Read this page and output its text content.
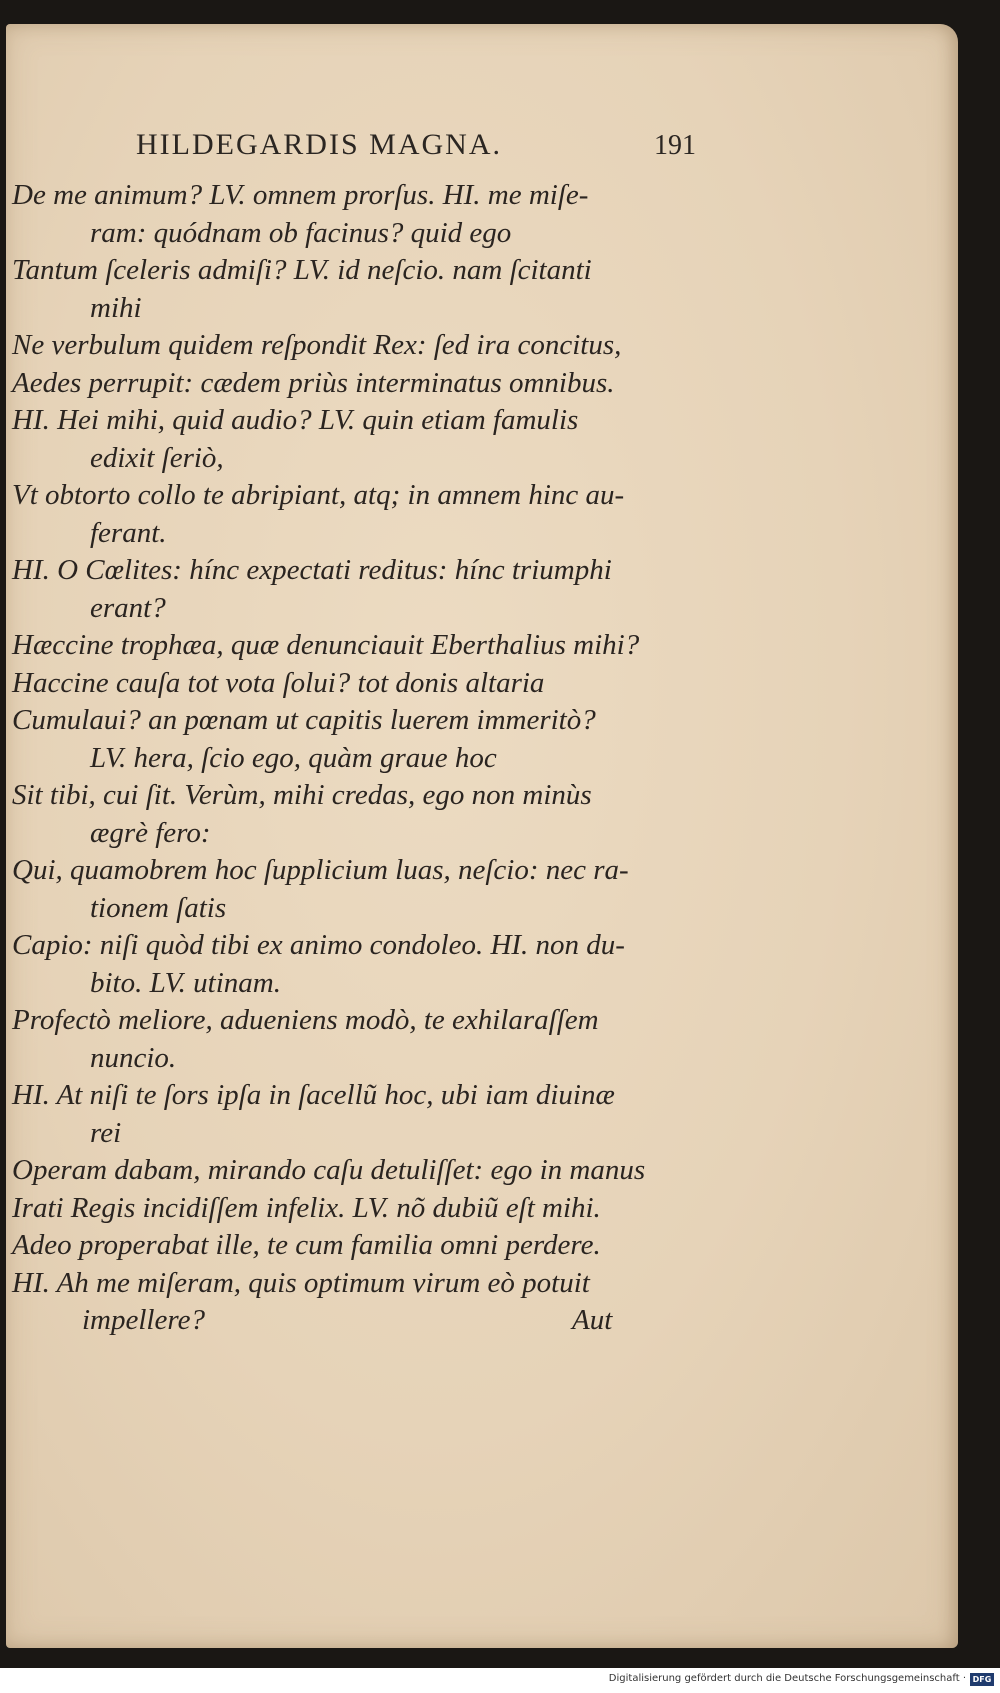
HILDEGARDIS MAGNA.	191
De me animum? LV. omnem prorſus. HI. me miſe-
ram: quódnam ob facinus? quid ego
Tantum ſceleris admiſi? LV. id neſcio. nam ſcitanti
mihi
Ne verbulum quidem reſpondit Rex: ſed ira concitus,
Aedes perrupit: cædem priùs interminatus omnibus.
HI. Hei mihi, quid audio? LV. quin etiam famulis
edixit ſeriò,
Vt obtorto collo te abripiant, atq; in amnem hinc au-
ferant.
HI. O Cœlites: hínc expectati reditus: hínc triumphi
erant?
Hæccine trophæa, quæ denunciauit Eberthalius mihi?
Haccine cauſa tot vota ſolui? tot donis altaria
Cumulaui? an pœnam ut capitis luerem immeritò?
LV. hera, ſcio ego, quàm graue hoc
Sit tibi, cui ſit. Verùm, mihi credas, ego non minùs
ægrè fero:
Qui, quamobrem hoc ſupplicium luas, neſcio: nec ra-
tionem ſatis
Capio: niſi quòd tibi ex animo condoleo. HI. non du-
bito. LV. utinam.
Profectò meliore, adueniens modò, te exhilaraſſem
nuncio.
HI. At niſi te ſors ipſa in ſacellũ hoc, ubi iam diuinæ
rei
Operam dabam, mirando caſu detuliſſet: ego in manus
Irati Regis incidiſſem infelix. LV. nõ dubiũ eſt mihi.
Adeo properabat ille, te cum familia omni perdere.
HI. Ah me miſeram, quis optimum virum eò potuit
impellere?	Aut
Digitalisierung gefördert durch die Deutsche Forschungsgemeinschaft · DFG
